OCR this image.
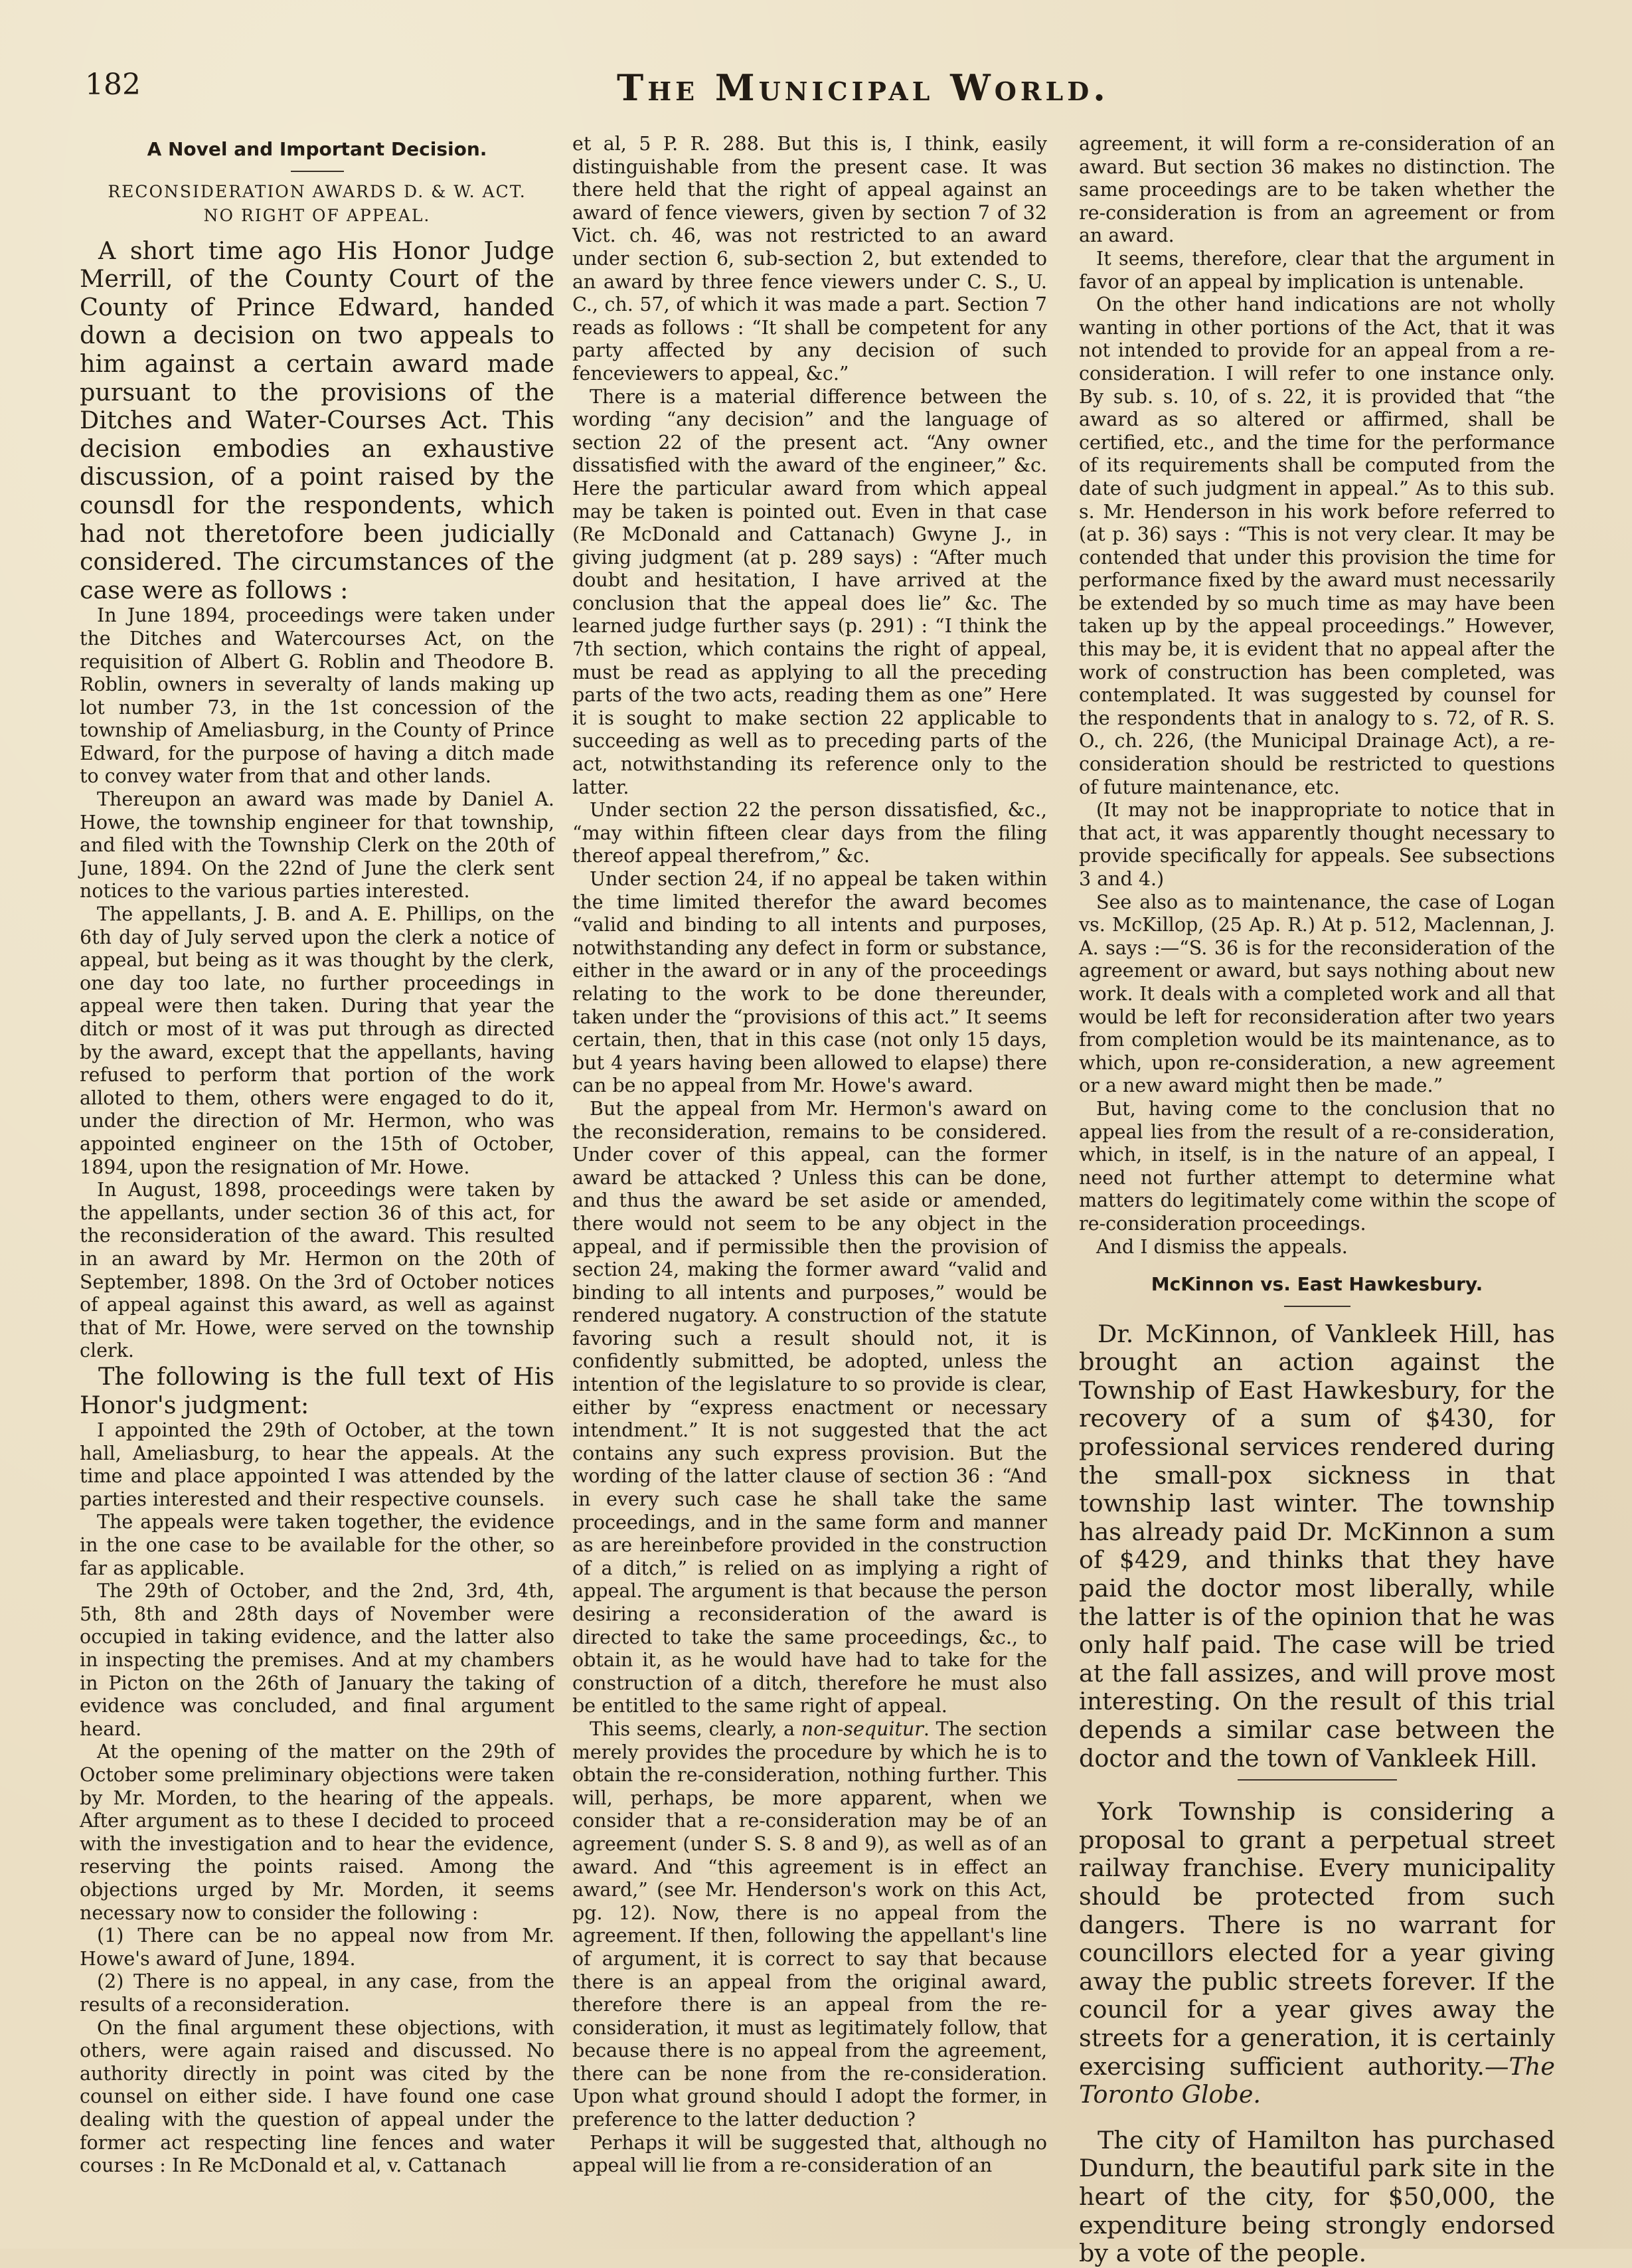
182	The Municipal World.
A Novel and Important Decision.
RECONSIDERATION AWARDS D. & W. ACT.
NO RIGHT OF APPEAL.

A short time ago His Honor Judge Merrill, of the County Court of the County of Prince Edward, handed down a decision on two appeals to him against a certain award made pursuant to the provisions of the Ditches and Water-Courses Act. This decision embodies an exhaustive discussion, of a point raised by the counsdl for the respondents, which had not theretofore been judicially considered. The circumstances of the case were as follows :

In June 1894, proceedings were taken under the Ditches and Watercourses Act, on the requisition of Albert G. Roblin and Theodore B. Roblin, owners in severalty of lands making up lot number 73, in the 1st concession of the township of Ameliasburg, in the County of Prince Edward, for the purpose of having a ditch made to convey water from that and other lands.

Thereupon an award was made by Daniel A. Howe, the township engineer for that township, and filed with the Township Clerk on the 20th of June, 1894. On the 22nd of June the clerk sent notices to the various parties interested.

The appellants, J. B. and A. E. Phillips, on the 6th day of July served upon the clerk a notice of appeal, but being as it was thought by the clerk, one day too late, no further proceedings in appeal were then taken. During that year the ditch or most of it was put through as directed by the award, except that the appellants, having refused to perform that portion of the work alloted to them, others were engaged to do it, under the direction of Mr. Hermon, who was appointed engineer on the 15th of October, 1894, upon the resignation of Mr. Howe.

In August, 1898, proceedings were taken by the appellants, under section 36 of this act, for the reconsideration of the award. This resulted in an award by Mr. Hermon on the 20th of September, 1898. On the 3rd of October notices of appeal against this award, as well as against that of Mr. Howe, were served on the township clerk.

The following is the full text of His Honor's judgment:

I appointed the 29th of October, at the town hall, Ameliasburg, to hear the appeals. At the time and place appointed I was attended by the parties interested and their respective counsels.

The appeals were taken together, the evidence in the one case to be available for the other, so far as applicable.

The 29th of October, and the 2nd, 3rd, 4th, 5th, 8th and 28th days of November were occupied in taking evidence, and the latter also in inspecting the premises. And at my chambers in Picton on the 26th of January the taking of evidence was concluded, and final argument heard.

At the opening of the matter on the 29th of October some preliminary objections were taken by Mr. Morden, to the hearing of the appeals. After argument as to these I decided to proceed with the investigation and to hear the evidence, reserving the points raised. Among the objections urged by Mr. Morden, it seems necessary now to consider the following :

(1) There can be no appeal now from Mr. Howe's award of June, 1894.

(2) There is no appeal, in any case, from the results of a reconsideration.

On the final argument these objections, with others, were again raised and discussed. No authority directly in point was cited by the counsel on either side. I have found one case dealing with the question of appeal under the former act respecting line fences and water courses : In Re McDonald et al, v. Cattanach

et al, 5 P. R. 288. But this is, I think, easily distinguishable from the present case. It was there held that the right of appeal against an award of fence viewers, given by section 7 of 32 Vict. ch. 46, was not restricted to an award under section 6, sub-section 2, but extended to an award by three fence viewers under C. S., U. C., ch. 57, of which it was made a part. Section 7 reads as follows : “It shall be competent for any party affected by any decision of such fenceviewers to appeal, &c.”

There is a material difference between the wording “any decision” and the language of section 22 of the present act. “Any owner dissatisfied with the award of the engineer,” &c. Here the particular award from which appeal may be taken is pointed out. Even in that case (Re McDonald and Cattanach) Gwyne J., in giving judgment (at p. 289 says) : “After much doubt and hesitation, I have arrived at the conclusion that the appeal does lie” &c. The learned judge further says (p. 291) : “I think the 7th section, which contains the right of appeal, must be read as applying to all the preceding parts of the two acts, reading them as one” Here it is sought to make section 22 applicable to succeeding as well as to preceding parts of the act, notwithstanding its reference only to the latter.

Under section 22 the person dissatisfied, &c., “may within fifteen clear days from the filing thereof appeal therefrom,” &c.

Under section 24, if no appeal be taken within the time limited therefor the award becomes “valid and binding to all intents and purposes, notwithstanding any defect in form or substance, either in the award or in any of the proceedings relating to the work to be done thereunder, taken under the “provisions of this act.” It seems certain, then, that in this case (not only 15 days, but 4 years having been allowed to elapse) there can be no appeal from Mr. Howe's award.

But the appeal from Mr. Hermon's award on the reconsideration, remains to be considered. Under cover of this appeal, can the former award be attacked ? Unless this can be done, and thus the award be set aside or amended, there would not seem to be any object in the appeal, and if permissible then the provision of section 24, making the former award “valid and binding to all intents and purposes,” would be rendered nugatory. A construction of the statute favoring such a result should not, it is confidently submitted, be adopted, unless the intention of the legislature to so provide is clear, either by “express enactment or necessary intendment.” It is not suggested that the act contains any such express provision. But the wording of the latter clause of section 36 : “And in every such case he shall take the same proceedings, and in the same form and manner as are hereinbefore provided in the construction of a ditch,” is relied on as implying a right of appeal. The argument is that because the person desiring a reconsideration of the award is directed to take the same proceedings, &c., to obtain it, as he would have had to take for the construction of a ditch, therefore he must also be entitled to the same right of appeal.

This seems, clearly, a non-sequitur. The section merely provides the procedure by which he is to obtain the re-consideration, nothing further. This will, perhaps, be more apparent, when we consider that a re-consideration may be of an agreement (under S. S. 8 and 9), as well as of an award. And “this agreement is in effect an award,” (see Mr. Henderson's work on this Act, pg. 12). Now, there is no appeal from the agreement. If then, following the appellant's line of argument, it is correct to say that because there is an appeal from the original award, therefore there is an appeal from the re-consideration, it must as legitimately follow, that because there is no appeal from the agreement, there can be none from the re-consideration. Upon what ground should I adopt the former, in preference to the latter deduction ?

Perhaps it will be suggested that, although no appeal will lie from a re-consideration of an

agreement, it will form a re-consideration of an award. But section 36 makes no distinction. The same proceedings are to be taken whether the re-consideration is from an agreement or from an award.

It seems, therefore, clear that the argument in favor of an appeal by implication is untenable.

On the other hand indications are not wholly wanting in other portions of the Act, that it was not intended to provide for an appeal from a re-consideration. I will refer to one instance only. By sub. s. 10, of s. 22, it is provided that “the award as so altered or affirmed, shall be certified, etc., and the time for the performance of its requirements shall be computed from the date of such judgment in appeal.” As to this sub. s. Mr. Henderson in his work before referred to (at p. 36) says : “This is not very clear. It may be contended that under this provision the time for performance fixed by the award must necessarily be extended by so much time as may have been taken up by the appeal proceedings.” However, this may be, it is evident that no appeal after the work of construction has been completed, was contemplated. It was suggested by counsel for the respondents that in analogy to s. 72, of R. S. O., ch. 226, (the Municipal Drainage Act), a re-consideration should be restricted to questions of future maintenance, etc.

(It may not be inappropriate to notice that in that act, it was apparently thought necessary to provide specifically for appeals. See subsections 3 and 4.)

See also as to maintenance, the case of Logan vs. McKillop, (25 Ap. R.) At p. 512, Maclennan, J. A. says :—“S. 36 is for the reconsideration of the agreement or award, but says nothing about new work. It deals with a completed work and all that would be left for reconsideration after two years from completion would be its maintenance, as to which, upon re-consideration, a new agreement or a new award might then be made.”

But, having come to the conclusion that no appeal lies from the result of a re-consideration, which, in itself, is in the nature of an appeal, I need not further attempt to determine what matters do legitimately come within the scope of re-consideration proceedings.

And I dismiss the appeals.

McKinnon vs. East Hawkesbury.

Dr. McKinnon, of Vankleek Hill, has brought an action against the Township of East Hawkesbury, for the recovery of a sum of $430, for professional services rendered during the small-pox sickness in that township last winter. The township has already paid Dr. McKinnon a sum of $429, and thinks that they have paid the doctor most liberally, while the latter is of the opinion that he was only half paid. The case will be tried at the fall assizes, and will prove most interesting. On the result of this trial depends a similar case between the doctor and the town of Vankleek Hill.

York Township is considering a proposal to grant a perpetual street railway franchise. Every municipality should be protected from such dangers. There is no warrant for councillors elected for a year giving away the public streets forever. If the council for a year gives away the streets for a generation, it is certainly exercising sufficient authority.—The Toronto Globe.

The city of Hamilton has purchased Dundurn, the beautiful park site in the heart of the city, for $50,000, the expenditure being strongly endorsed by a vote of the people.
